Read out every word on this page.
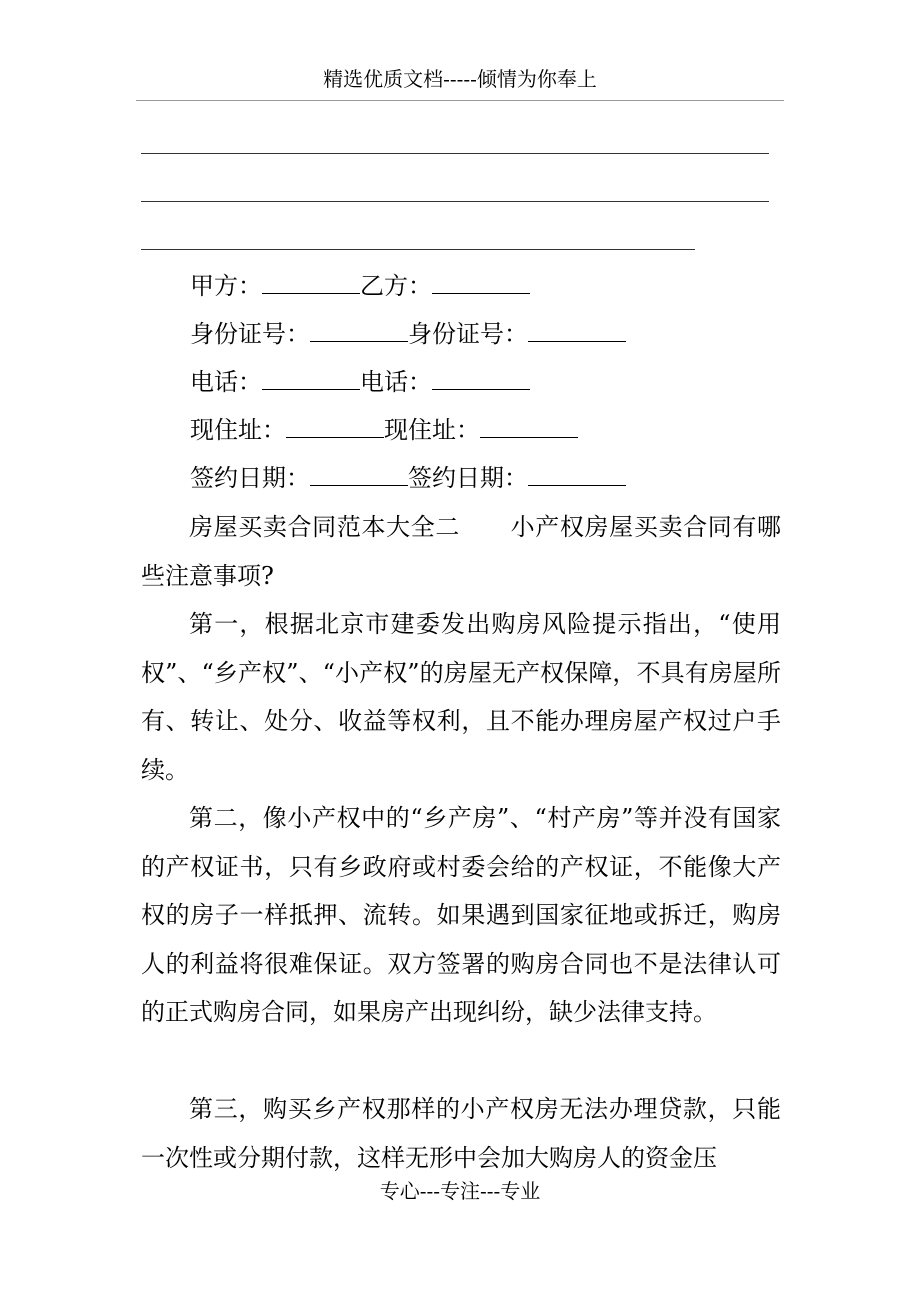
精选优质文档-----倾情为你奉上
甲方：	乙方：
身份证号：	身份证号：
电话：	电话：
现住址：	现住址：
签约日期：	签约日期：

房屋买卖合同范本大全二 小产权房屋买卖合同有哪些注意事项?

第一，根据北京市建委发出购房风险提示指出，“使用权”、“乡产权”、“小产权”的房屋无产权保障，不具有房屋所有、转让、处分、收益等权利，且不能办理房屋产权过户手续。

第二，像小产权中的“乡产房”、“村产房”等并没有国家的产权证书，只有乡政府或村委会给的产权证，不能像大产权的房子一样抵押、流转。如果遇到国家征地或拆迁，购房人的利益将很难保证。双方签署的购房合同也不是法律认可的正式购房合同，如果房产出现纠纷，缺少法律支持。

第三，购买乡产权那样的小产权房无法办理贷款，只能一次性或分期付款，这样无形中会加大购房人的资金压

专心---专注---专业
